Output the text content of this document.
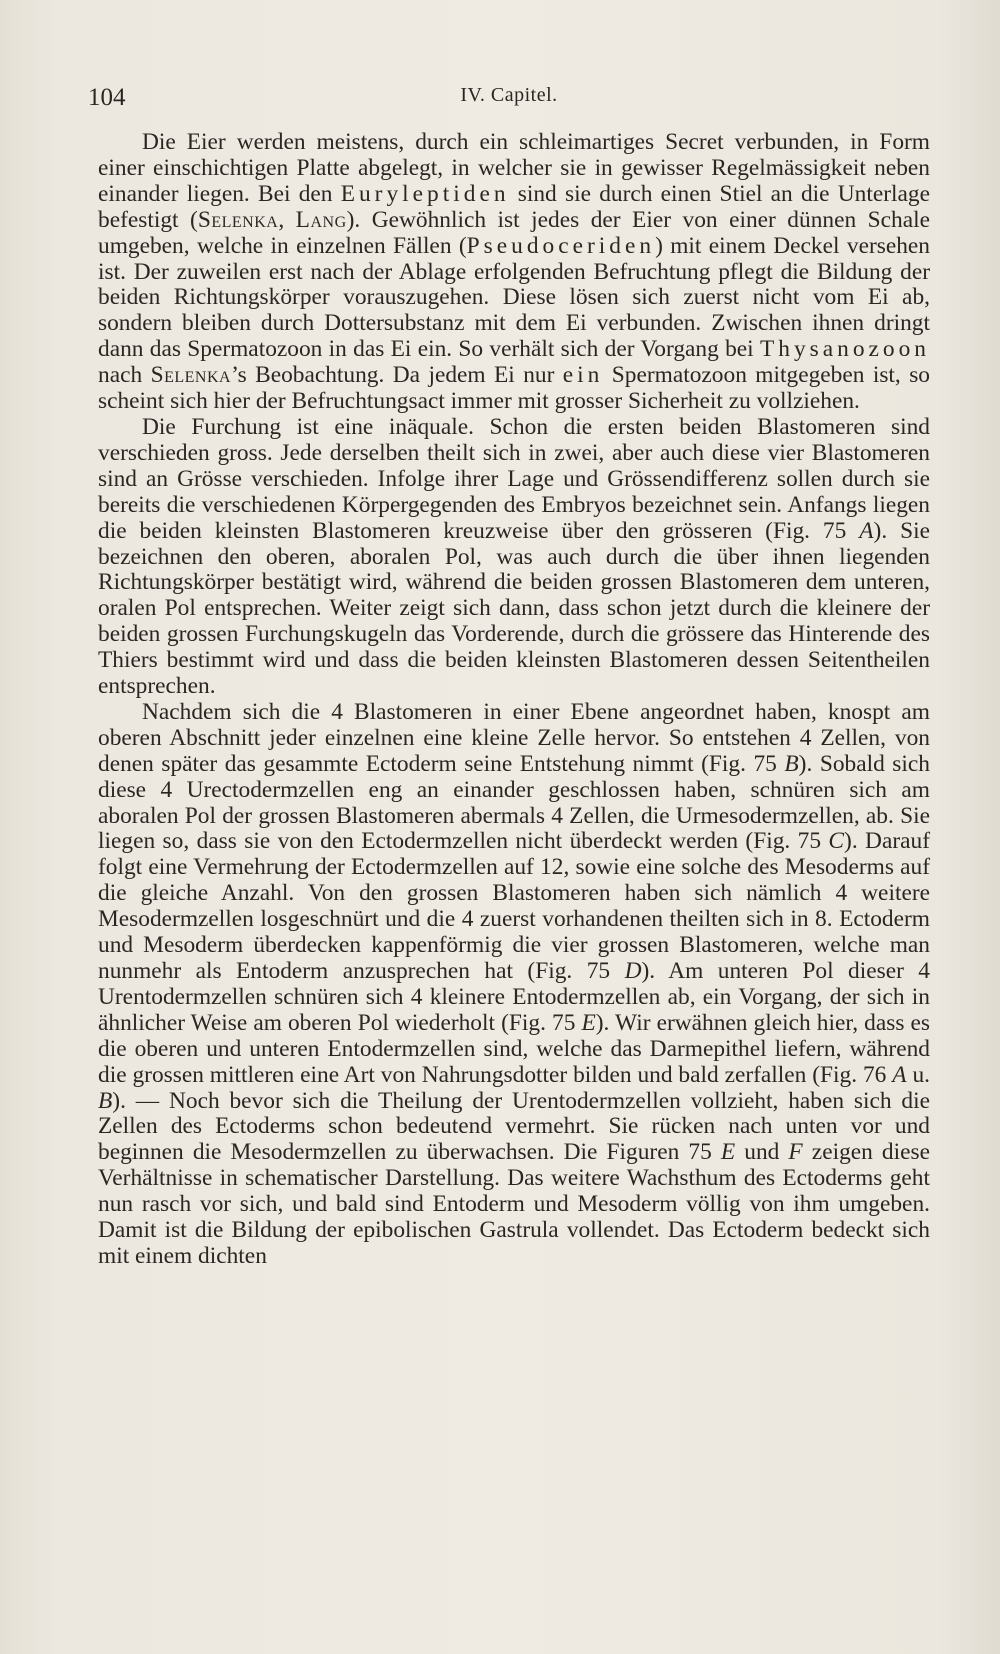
104	IV. Capitel.

Die Eier werden meistens, durch ein schleimartiges Secret verbunden, in Form einer einschichtigen Platte abgelegt, in welcher sie in gewisser Regelmässigkeit neben einander liegen. Bei den Euryleptiden sind sie durch einen Stiel an die Unterlage befestigt (Selenka, Lang). Gewöhnlich ist jedes der Eier von einer dünnen Schale umgeben, welche in einzelnen Fällen (Pseudoceriden) mit einem Deckel versehen ist. Der zuweilen erst nach der Ablage erfolgenden Befruchtung pflegt die Bildung der beiden Richtungskörper vorauszugehen. Diese lösen sich zuerst nicht vom Ei ab, sondern bleiben durch Dottersubstanz mit dem Ei verbunden. Zwischen ihnen dringt dann das Spermatozoon in das Ei ein. So verhält sich der Vorgang bei Thysanozoon nach Selenka’s Beobachtung. Da jedem Ei nur ein Spermatozoon mitgegeben ist, so scheint sich hier der Befruchtungsact immer mit grosser Sicherheit zu vollziehen.

Die Furchung ist eine inäquale. Schon die ersten beiden Blastomeren sind verschieden gross. Jede derselben theilt sich in zwei, aber auch diese vier Blastomeren sind an Grösse verschieden. Infolge ihrer Lage und Grössendifferenz sollen durch sie bereits die verschiedenen Körpergegenden des Embryos bezeichnet sein. Anfangs liegen die beiden kleinsten Blastomeren kreuzweise über den grösseren (Fig. 75 A). Sie bezeichnen den oberen, aboralen Pol, was auch durch die über ihnen liegenden Richtungskörper bestätigt wird, während die beiden grossen Blastomeren dem unteren, oralen Pol entsprechen. Weiter zeigt sich dann, dass schon jetzt durch die kleinere der beiden grossen Furchungskugeln das Vorderende, durch die grössere das Hinterende des Thiers bestimmt wird und dass die beiden kleinsten Blastomeren dessen Seitentheilen entsprechen.

Nachdem sich die 4 Blastomeren in einer Ebene angeordnet haben, knospt am oberen Abschnitt jeder einzelnen eine kleine Zelle hervor. So entstehen 4 Zellen, von denen später das gesammte Ectoderm seine Entstehung nimmt (Fig. 75 B). Sobald sich diese 4 Urectodermzellen eng an einander geschlossen haben, schnüren sich am aboralen Pol der grossen Blastomeren abermals 4 Zellen, die Urmesodermzellen, ab. Sie liegen so, dass sie von den Ectodermzellen nicht überdeckt werden (Fig. 75 C). Darauf folgt eine Vermehrung der Ectodermzellen auf 12, sowie eine solche des Mesoderms auf die gleiche Anzahl. Von den grossen Blastomeren haben sich nämlich 4 weitere Mesodermzellen losgeschnürt und die 4 zuerst vorhandenen theilten sich in 8. Ectoderm und Mesoderm überdecken kappenförmig die vier grossen Blastomeren, welche man nunmehr als Entoderm anzusprechen hat (Fig. 75 D). Am unteren Pol dieser 4 Urentodermzellen schnüren sich 4 kleinere Entodermzellen ab, ein Vorgang, der sich in ähnlicher Weise am oberen Pol wiederholt (Fig. 75 E). Wir erwähnen gleich hier, dass es die oberen und unteren Entodermzellen sind, welche das Darmepithel liefern, während die grossen mittleren eine Art von Nahrungsdotter bilden und bald zerfallen (Fig. 76 A u. B). — Noch bevor sich die Theilung der Urentodermzellen vollzieht, haben sich die Zellen des Ectoderms schon bedeutend vermehrt. Sie rücken nach unten vor und beginnen die Mesodermzellen zu überwachsen. Die Figuren 75 E und F zeigen diese Verhältnisse in schematischer Darstellung. Das weitere Wachsthum des Ectoderms geht nun rasch vor sich, und bald sind Entoderm und Mesoderm völlig von ihm umgeben. Damit ist die Bildung der epibolischen Gastrula vollendet. Das Ectoderm bedeckt sich mit einem dichten
